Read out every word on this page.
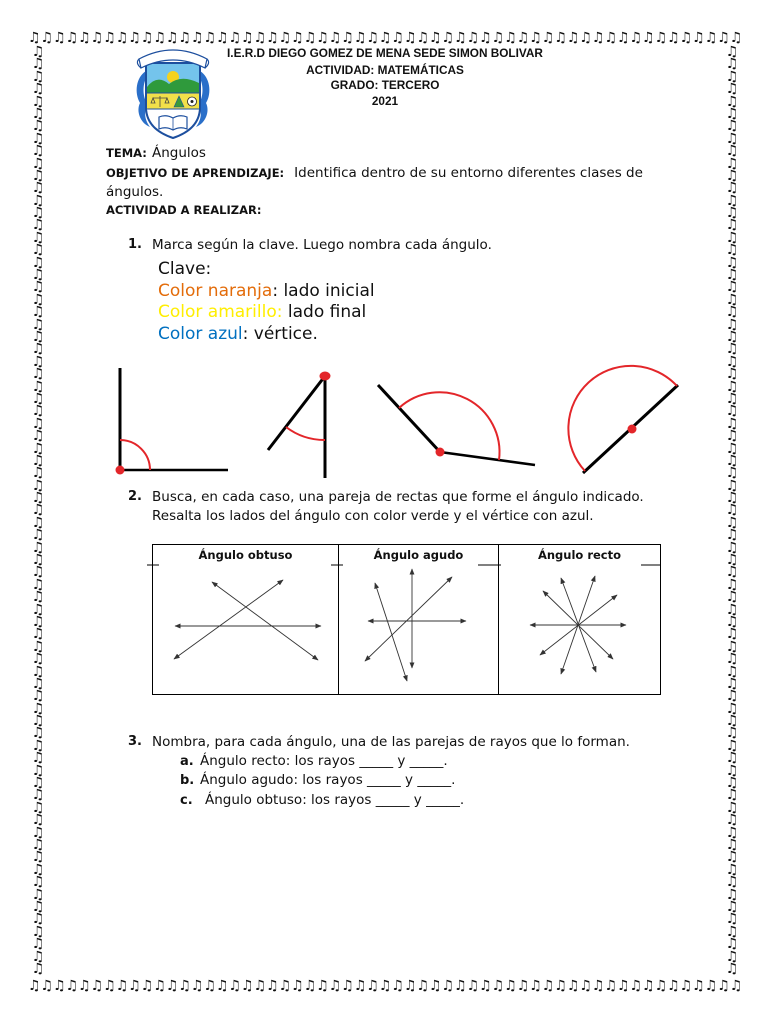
♫ ♫ ♫ ♫ ♫ ♫ ♫ ♫ ♫ ♫ ♫ ♫ ♫ ♫ ♫ ♫ ♫ ♫ ♫ ♫ ♫ ♫ ♫ ♫ ♫ ♫ ♫ ♫ ♫ ♫ ♫ ♫ ♫ ♫ ♫ ♫ ♫ ♫ ♫ ♫ ♫ ♫ ♫ ♫ ♫ ♫ ♫ ♫ ♫ ♫ ♫ ♫ ♫ ♫ ♫ ♫ ♫
♫ ♫ ♫ ♫ ♫ ♫ ♫ ♫ ♫ ♫ ♫ ♫ ♫ ♫ ♫ ♫ ♫ ♫ ♫ ♫ ♫ ♫ ♫ ♫ ♫ ♫ ♫ ♫ ♫ ♫ ♫ ♫ ♫ ♫ ♫ ♫ ♫ ♫ ♫ ♫ ♫ ♫ ♫ ♫ ♫ ♫ ♫ ♫ ♫ ♫ ♫ ♫ ♫ ♫ ♫ ♫ ♫
♫
♫
♫
♫
♫
♫
♫
♫
♫
♫
♫
♫
♫
♫
♫
♫
♫
♫
♫
♫
♫
♫
♫
♫
♫
♫
♫
♫
♫
♫
♫
♫
♫
♫
♫
♫
♫
♫
♫
♫
♫
♫
♫
♫
♫
♫
♫
♫
♫
♫
♫
♫
♫
♫
♫
♫
♫
♫
♫
♫
♫
♫
♫
♫
♫
♫
♫
♫
♫
♫
♫
♫
♫
♫
♫
♫
♫
♫
♫
♫
♫
♫
♫
♫
♫
♫
♫
♫
♫
♫
♫
♫
♫
♫
♫
♫
♫
♫
♫
♫
♫
♫
♫
♫
♫
♫
♫
♫
♫
♫
♫
♫
♫
♫
♫
♫
♫
♫
♫
♫
♫
♫
♫
♫
♫
♫
♫
♫
♫
♫
♫
♫
♫
♫
♫
♫
♫
♫
♫
♫
♫
♫
♫
♫
♫
♫
♫
♫
♫
♫
I.E.R.D DIEGO GOMEZ DE MENA SEDE SIMON BOLIVAR
ACTIVIDAD: MATEMÁTICAS
GRADO: TERCERO
2021
TEMA: Ángulos
OBJETIVO DE APRENDIZAJE: Identifica dentro de su entorno diferentes clases de ángulos.
ACTIVIDAD A REALIZAR:
1. Marca según la clave. Luego nombra cada ángulo.
Clave:
Color naranja: lado inicial
Color amarillo: lado final
Color azul: vértice.
2. Busca, en cada caso, una pareja de rectas que forme el ángulo indicado. Resalta los lados del ángulo con color verde y el vértice con azul.
Ángulo obtuso	Ángulo agudo	Ángulo recto
3. Nombra, para cada ángulo, una de las parejas de rayos que lo forman.
a. Ángulo recto: los rayos _____ y _____.
b. Ángulo agudo: los rayos _____ y _____.
c. Ángulo obtuso: los rayos _____ y _____.
